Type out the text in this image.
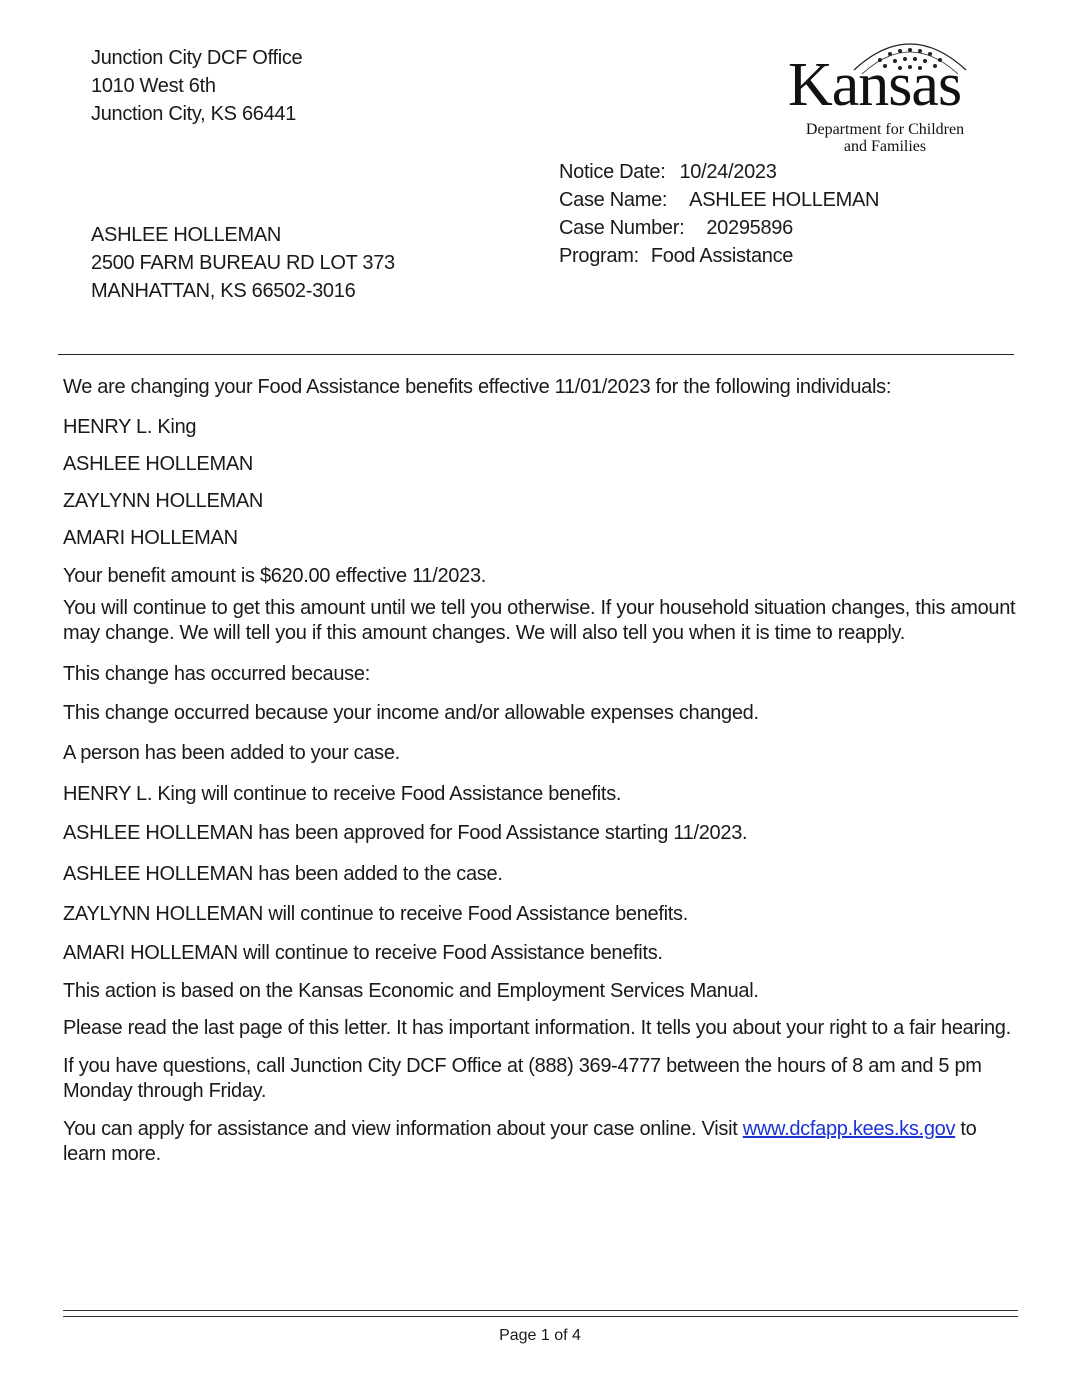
Junction City DCF Office
1010 West 6th
Junction City, KS 66441	Kansas
Department for Children
and Families
Notice Date: 10/24/2023
Case Name: ASHLEE HOLLEMAN
Case Number: 20295896
Program: Food Assistance
ASHLEE HOLLEMAN
2500 FARM BUREAU RD LOT 373
MANHATTAN, KS 66502-3016

We are changing your Food Assistance benefits effective 11/01/2023 for the following individuals:

HENRY L. King

ASHLEE HOLLEMAN

ZAYLYNN HOLLEMAN

AMARI HOLLEMAN

Your benefit amount is $620.00 effective 11/2023.

You will continue to get this amount until we tell you otherwise. If your household situation changes, this amount may change. We will tell you if this amount changes. We will also tell you when it is time to reapply.

This change has occurred because:

This change occurred because your income and/or allowable expenses changed.

A person has been added to your case.

HENRY L. King will continue to receive Food Assistance benefits.

ASHLEE HOLLEMAN has been approved for Food Assistance starting 11/2023.

ASHLEE HOLLEMAN has been added to the case.

ZAYLYNN HOLLEMAN will continue to receive Food Assistance benefits.

AMARI HOLLEMAN will continue to receive Food Assistance benefits.

This action is based on the Kansas Economic and Employment Services Manual.

Please read the last page of this letter. It has important information. It tells you about your right to a fair hearing.

If you have questions, call Junction City DCF Office at (888) 369-4777 between the hours of 8 am and 5 pm Monday through Friday.

You can apply for assistance and view information about your case online. Visit www.dcfapp.kees.ks.gov to learn more.

Page 1 of 4
